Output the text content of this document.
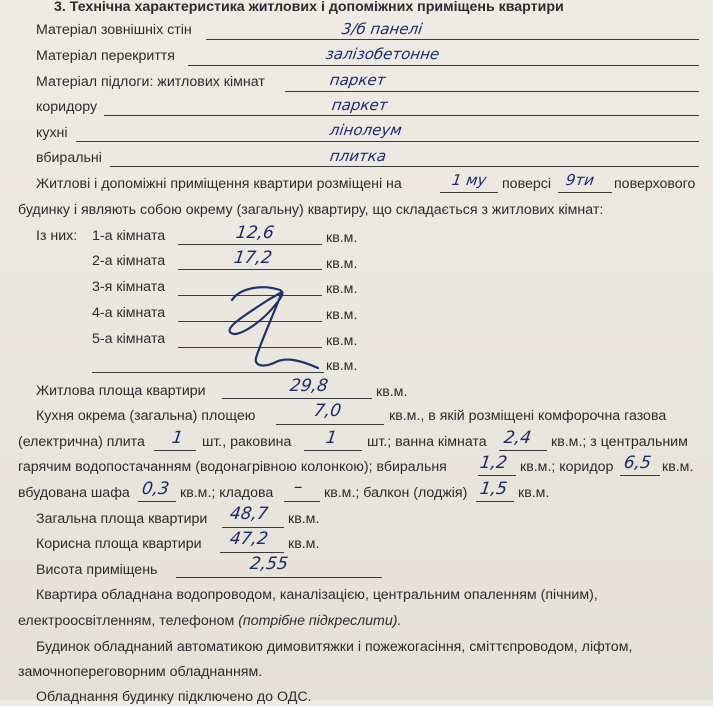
3. Технічна характеристика житлових і допоміжних приміщень квартири
Матеріал зовнішніх стін	3/б панелі
Матеріал перекриття	залізобетонне
Матеріал підлоги: житлових кімнат	паркет
коридору	паркет
кухні	лінолеум
вбиральні	плитка
Житлові і допоміжні приміщення квартири розміщені на	1 му поверсі 9ти поверхового
будинку і являють собою окрему (загальну) квартиру, що складається з житлових кімнат:
Із них: 1-а кімната	12,6	кв.м.
2-а кімната	17,2	кв.м.
3-я кімната	кв.м.
4-а кімната	кв.м.
5-а кімната	кв.м.
кв.м.
Житлова площа квартири	29,8	кв.м.
Кухня окрема (загальна) площею	7,0	кв.м., в якій розміщені комфорочна газова
(електрична) плита 1 шт., раковина 1 шт.; ванна кімната 2,4 кв.м.; з центральним
гарячим водопостачанням (водонагрівною колонкою); вбиральня 1,2 кв.м.; коридор 6,5 кв.м.
вбудована шафа 0,3 кв.м.; кладова – кв.м.; балкон (лоджія) 1,5 кв.м.
Загальна площа квартири 48,7 кв.м.
Корисна площа квартири 47,2 кв.м.
Висота приміщень	2,55
Квартира обладнана водопроводом, каналізацією, центральним опаленням (пічним),
електроосвітленням, телефоном (потрібне підкреслити).
Будинок обладнаний автоматикою димовитяжки і пожежогасіння, сміттєпроводом, ліфтом,
замочнопереговорним обладнанням.
Обладнання будинку підключено до ОДС.
